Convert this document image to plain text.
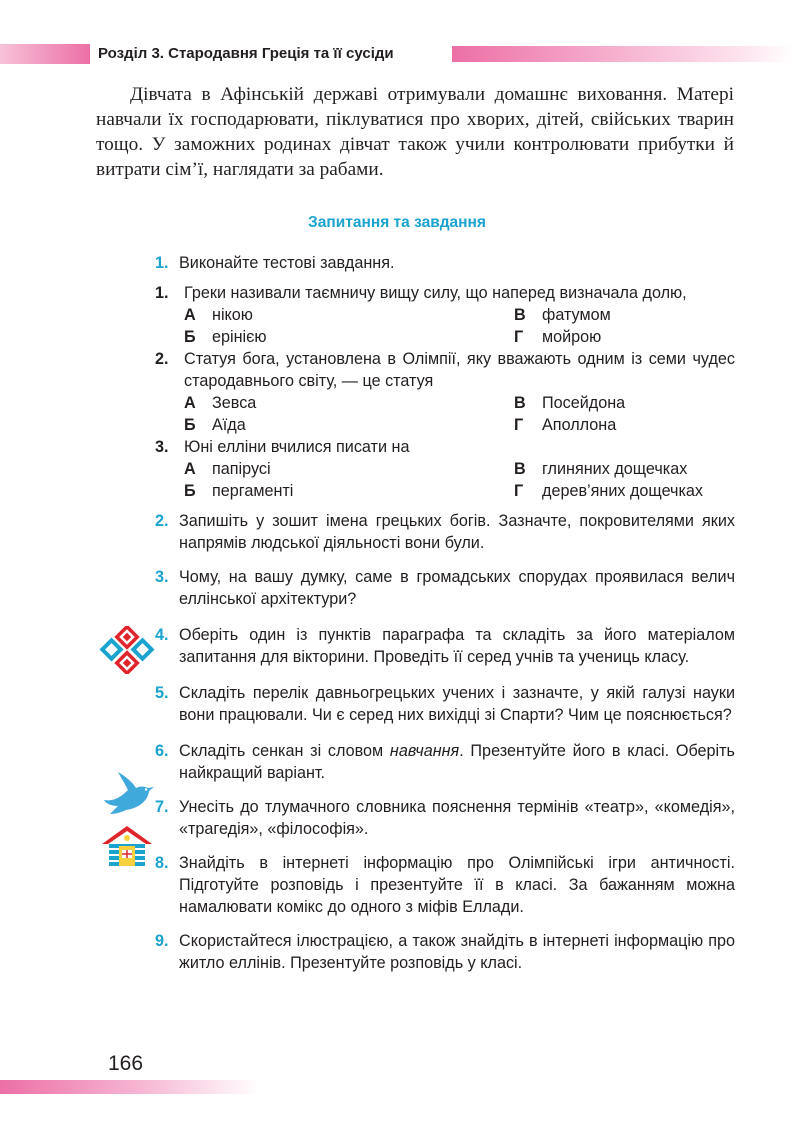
Розділ 3. Стародавня Греція та її сусіди

Дівчата в Афінській державі отримували домашнє виховання. Матері навчали їх господарювати, піклуватися про хворих, дітей, свійських тварин тощо. У заможних родинах дівчат також учили контролювати прибутки й витрати сім’ї, наглядати за рабами.

Запитання та завдання
1. Виконайте тестові завдання.
1. Греки називали таємничу вищу силу, що наперед визначала долю,
А нікою	В фатумом
Б ерінією	Г мойрою
2. Статуя бога, установлена в Олімпії, яку вважають одним із семи чудес стародавнього світу, — це статуя
А Зевса	В Посейдона
Б Аїда	Г Аполлона
3. Юні елліни вчилися писати на
А папірусі	В глиняних дощечках
Б пергаменті	Г дерев’яних дощечках
2. Запишіть у зошит імена грецьких богів. Зазначте, покровителями яких напрямів людської діяльності вони були.
3. Чому, на вашу думку, саме в громадських спорудах проявилася велич еллінської архітектури?
4. Оберіть один із пунктів параграфа та складіть за його матеріалом запитання для вікторини. Проведіть її серед учнів та учениць класу.
5. Складіть перелік давньогрецьких учених і зазначте, у якій галузі науки вони працювали. Чи є серед них вихідці зі Спарти? Чим це пояснюється?
6. Складіть сенкан зі словом навчання. Презентуйте його в класі. Оберіть найкращий варіант.
7. Унесіть до тлумачного словника пояснення термінів «театр», «комедія», «трагедія», «філософія».
8. Знайдіть в інтернеті інформацію про Олімпійські ігри античності. Підготуйте розповідь і презентуйте її в класі. За бажанням можна намалювати комікс до одного з міфів Еллади.
9. Скористайтеся ілюстрацією, а також знайдіть в інтернеті інформацію про житло еллінів. Презентуйте розповідь у класі.
166
